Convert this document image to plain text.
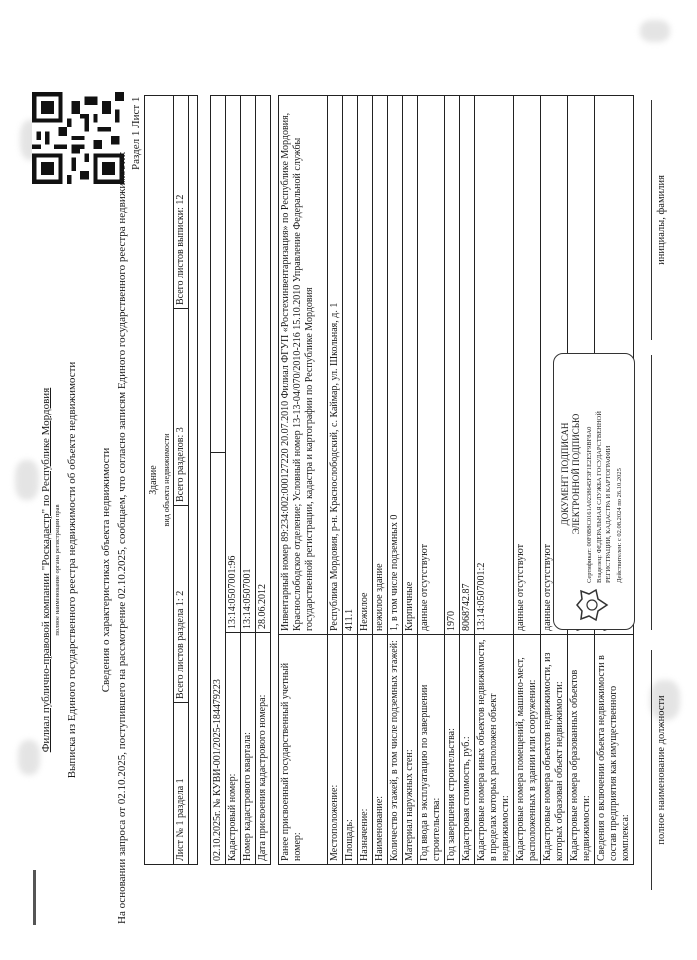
Филиал публично-правовой компании "Роскадастр" по Республике Мордовия полное наименование органа регистрации прав Выписка из Единого государственного реестра недвижимости об объекте недвижимости Сведения о характеристиках объекта недвижимости На основании запроса от 02.10.2025, поступившего на рассмотрение 02.10.2025, сообщаем, что согласно записям Единого государственного реестра недвижимости:
Раздел 1 Лист 1
Здание
вид объекта недвижимости
Лист № 1 раздела 1	Всего листов раздела 1: 2	Всего разделов: 3	Всего листов выписки: 12

02.10.2025г. № КУВИ-001/2025-184479223		
Кадастровый номер:	13:14:0507001:96	
Номер кадастрового квартала:	13:14:0507001	
Дата присвоения кадастрового номера:	28.06.2012	
Ранее присвоенный государственный учетный номер:	Инвентарный номер 89:234:002:000127220 20.07.2010 Филиал ФГУП «Ростехинвентаризация» по Республике Мордовия, Краснослободское отделение; Условный номер 13-13-04/070/2010-216 15.10.2010 Управление Федеральной службы государственной регистрации, кадастра и картографии по Республике Мордовия
Местоположение:	Республика Мордовия, р-н. Краснослободский, с. Каймар, ул. Школьная, д. 1
Площадь:	411.1
Назначение:	Нежилое
Наименование:	нежилое здание
Количество этажей, в том числе подземных этажей:	1, в том числе подземных 0
Материал наружных стен:	Кирпичные
Год ввода в эксплуатацию по завершении строительства:	данные отсутствуют
Год завершения строительства:	1970
Кадастровая стоимость, руб.:	8068742.87
Кадастровые номера иных объектов недвижимости, в пределах которых расположен объект недвижимости:	13:14:0507001:2
Кадастровые номера помещений, машино-мест, расположенных в здании или сооружении:	данные отсутствуют
Кадастровые номера объектов недвижимости, из которых образован объект недвижимости:	данные отсутствуют
Кадастровые номера образованных объектов недвижимости:	
Сведения о включении объекта недвижимости в состав предприятия как имущественного комплекса:	
ДОКУМЕНТ ПОДПИСАН ЭЛЕКТРОННОЙ ПОДПИСЬЮ Сертификат: 00F0B8C0161A0238645F3F1E2E5F9BF8A0 Владелец: ФЕДЕРАЛЬНАЯ СЛУЖБА ГОСУДАРСТВЕННОЙ РЕГИСТРАЦИИ, КАДАСТРА И КАРТОГРАФИИ Действителен: с 02.08.2024 по 26.10.2025
полное наименование должности
инициалы, фамилия
